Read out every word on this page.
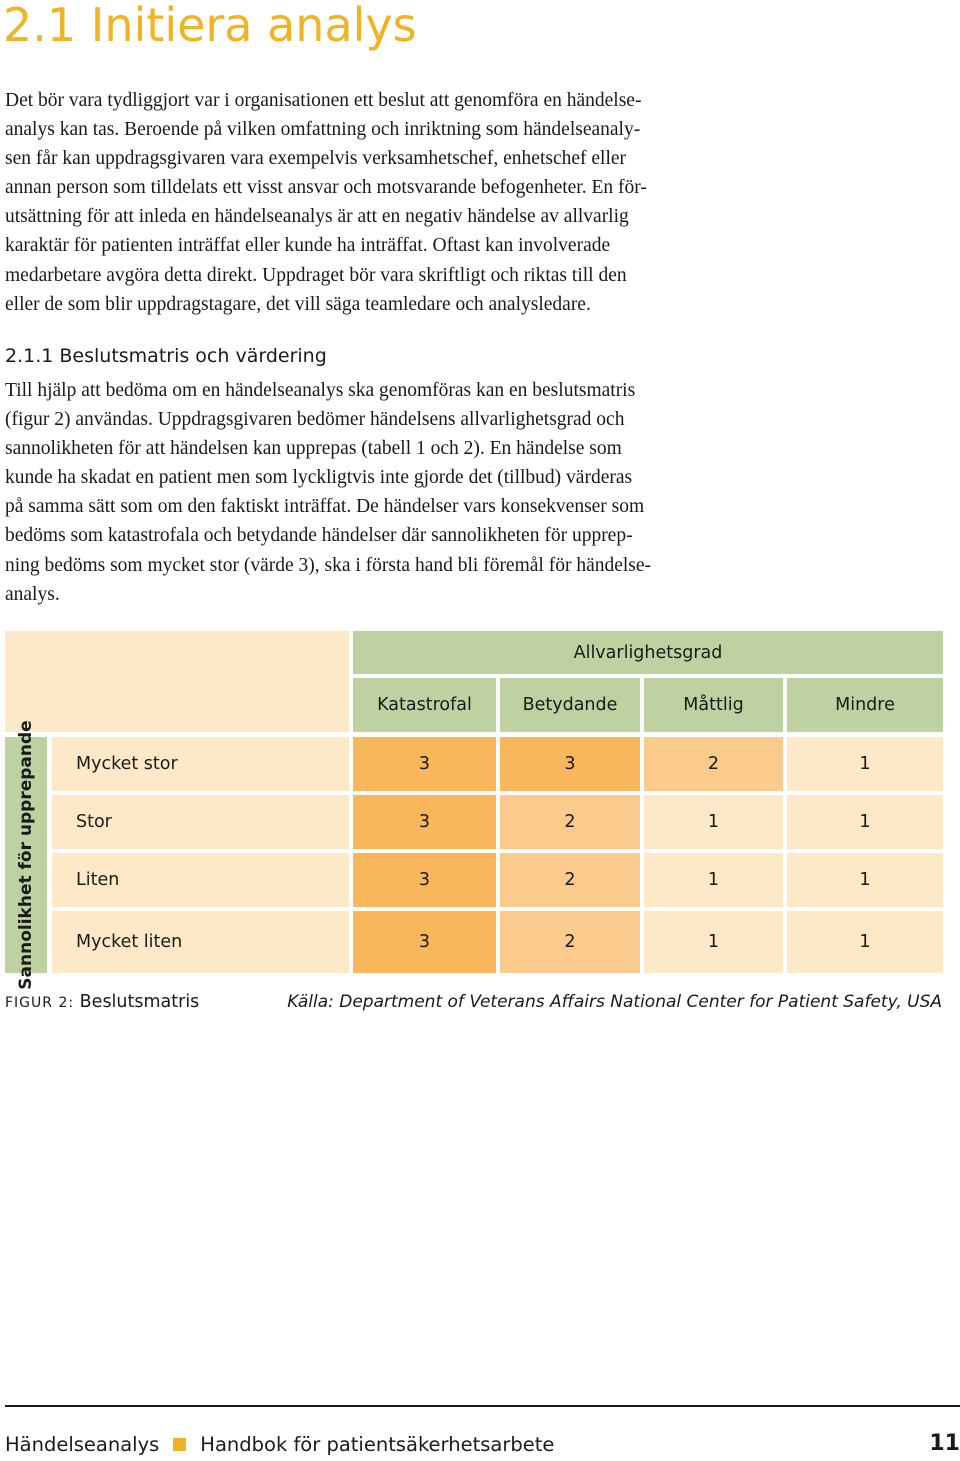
2.1 Initiera analys

Det bör vara tydliggjort var i organisationen ett beslut att genomföra en händelse-
analys kan tas. Beroende på vilken omfattning och inriktning som händelseanaly-
sen får kan uppdragsgivaren vara exempelvis verksamhetschef, enhetschef eller
annan person som tilldelats ett visst ansvar och motsvarande befogenheter. En för-
utsättning för att inleda en händelseanalys är att en negativ händelse av allvarlig
karaktär för patienten inträffat eller kunde ha inträffat. Oftast kan involverade
medarbetare avgöra detta direkt. Uppdraget bör vara skriftligt och riktas till den
eller de som blir uppdragstagare, det vill säga teamledare och analysledare.

2.1.1 Beslutsmatris och värdering

Till hjälp att bedöma om en händelseanalys ska genomföras kan en beslutsmatris
(figur 2) användas. Uppdragsgivaren bedömer händelsens allvarlighetsgrad och
sannolikheten för att händelsen kan upprepas (tabell 1 och 2). En händelse som
kunde ha skadat en patient men som lyckligtvis inte gjorde det (tillbud) värderas
på samma sätt som om den faktiskt inträffat. De händelser vars konsekvenser som
bedöms som katastrofala och betydande händelser där sannolikheten för upprep-
ning bedöms som mycket stor (värde 3), ska i första hand bli föremål för händelse-
analys.

Allvarlighetsgrad
Katastrofal	Betydande	Måttlig	Mindre
Sannolikhet för upprepande	Mycket stor	3	3	2	1
Stor	3	2	1	1
Liten	3	2	1	1
Mycket liten	3	2	1	1
FIGUR 2: Beslutsmatris	Källa: Department of Veterans Affairs National Center for Patient Safety, USA
Händelseanalys Handbok för patientsäkerhetsarbete	11
